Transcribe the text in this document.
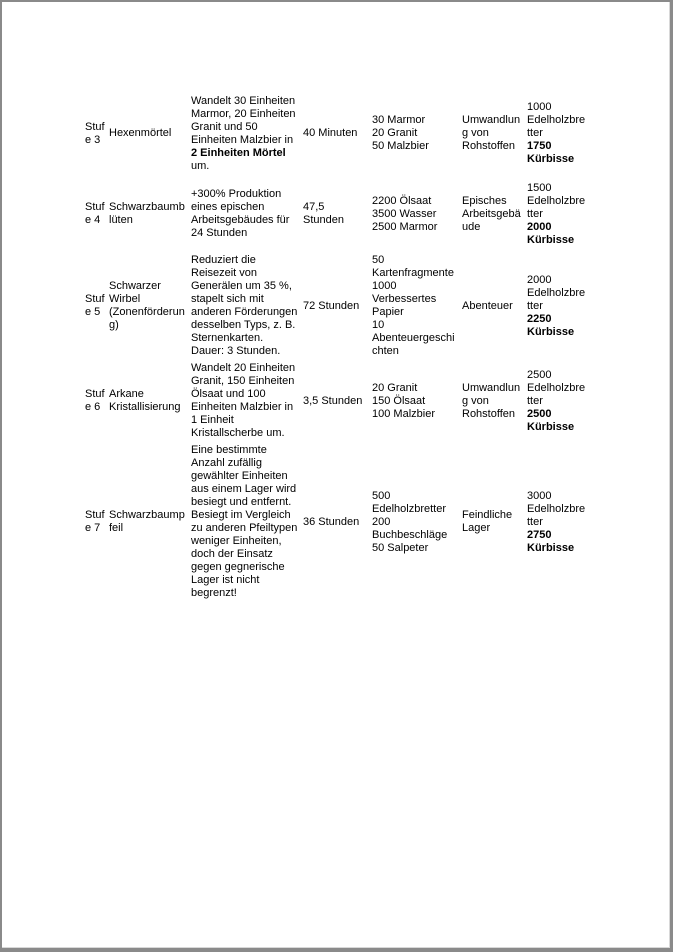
Stuf
e 3

Hexenmörtel

Wandelt 30 Einheiten
Marmor, 20 Einheiten
Granit und 50
Einheiten Malzbier in
2 Einheiten Mörtel
um.

40 Minuten

30 Marmor
20 Granit
50 Malzbier

Umwandlun
g von
Rohstoffen

1000
Edelholzbre
tter
1750
Kürbisse

Stuf
e 4	Schwarzbaumb
lüten	+300% Produktion
eines epischen
Arbeitsgebäudes für
24 Stunden	47,5
Stunden	2200 Ölsaat
3500 Wasser
2500 Marmor	Episches
Arbeitsgebä
ude	1500
Edelholzbre
tter
2000
Kürbisse

Stuf
e 5

Schwarzer
Wirbel
(Zonenförderun
g)

Reduziert die
Reisezeit von
Generälen um 35 %,
stapelt sich mit
anderen Förderungen
desselben Typs, z. B.
Sternenkarten.
Dauer: 3 Stunden.

72 Stunden

50
Kartenfragmente
1000
Verbessertes
Papier
10
Abenteuergeschi
chten

Abenteuer

2000
Edelholzbre
tter
2250
Kürbisse

Stuf
e 6

Arkane
Kristallisierung

Wandelt 20 Einheiten
Granit, 150 Einheiten
Ölsaat und 100
Einheiten Malzbier in
1 Einheit
Kristallscherbe um.

3,5 Stunden

20 Granit
150 Ölsaat
100 Malzbier

Umwandlun
g von
Rohstoffen

2500
Edelholzbre
tter
2500
Kürbisse

Stuf
e 7

Schwarzbaump
feil

Eine bestimmte
Anzahl zufällig
gewählter Einheiten
aus einem Lager wird
besiegt und entfernt.
Besiegt im Vergleich
zu anderen Pfeiltypen
weniger Einheiten,
doch der Einsatz
gegen gegnerische
Lager ist nicht
begrenzt!

36 Stunden

500
Edelholzbretter
200
Buchbeschläge
50 Salpeter

Feindliche
Lager

3000
Edelholzbre
tter
2750
Kürbisse
